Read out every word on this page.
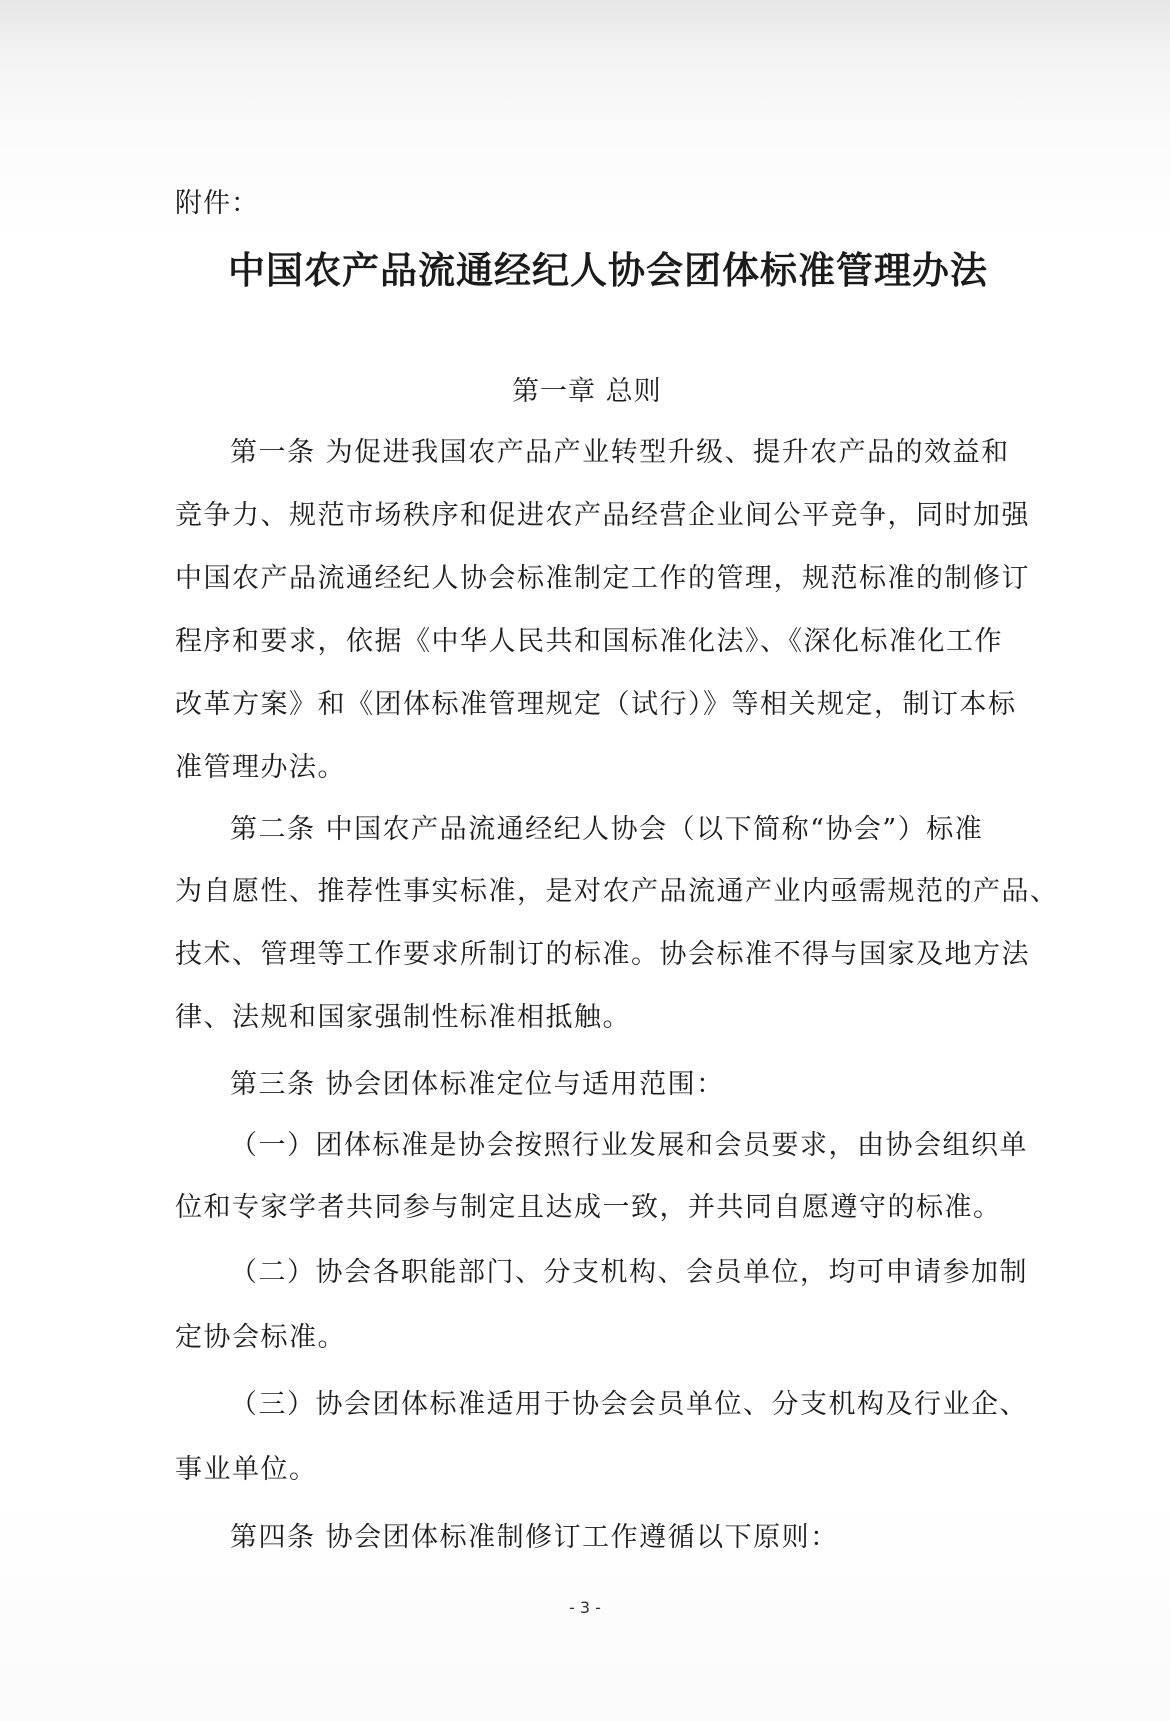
附件：
中国农产品流通经纪人协会团体标准管理办法
第一章 总则
第一条 为促进我国农产品产业转型升级、提升农产品的效益和
竞争力、规范市场秩序和促进农产品经营企业间公平竞争，同时加强
中国农产品流通经纪人协会标准制定工作的管理，规范标准的制修订
程序和要求，依据《中华人民共和国标准化法》、《深化标准化工作
改革方案》和《团体标准管理规定（试行）》等相关规定，制订本标
准管理办法。
第二条 中国农产品流通经纪人协会（以下简称“协会”）标准
为自愿性、推荐性事实标准，是对农产品流通产业内亟需规范的产品、
技术、管理等工作要求所制订的标准。协会标准不得与国家及地方法
律、法规和国家强制性标准相抵触。
第三条 协会团体标准定位与适用范围：
（一）团体标准是协会按照行业发展和会员要求，由协会组织单
位和专家学者共同参与制定且达成一致，并共同自愿遵守的标准。
（二）协会各职能部门、分支机构、会员单位，均可申请参加制
定协会标准。
（三）协会团体标准适用于协会会员单位、分支机构及行业企、
事业单位。
第四条 协会团体标准制修订工作遵循以下原则：
- 3 -
